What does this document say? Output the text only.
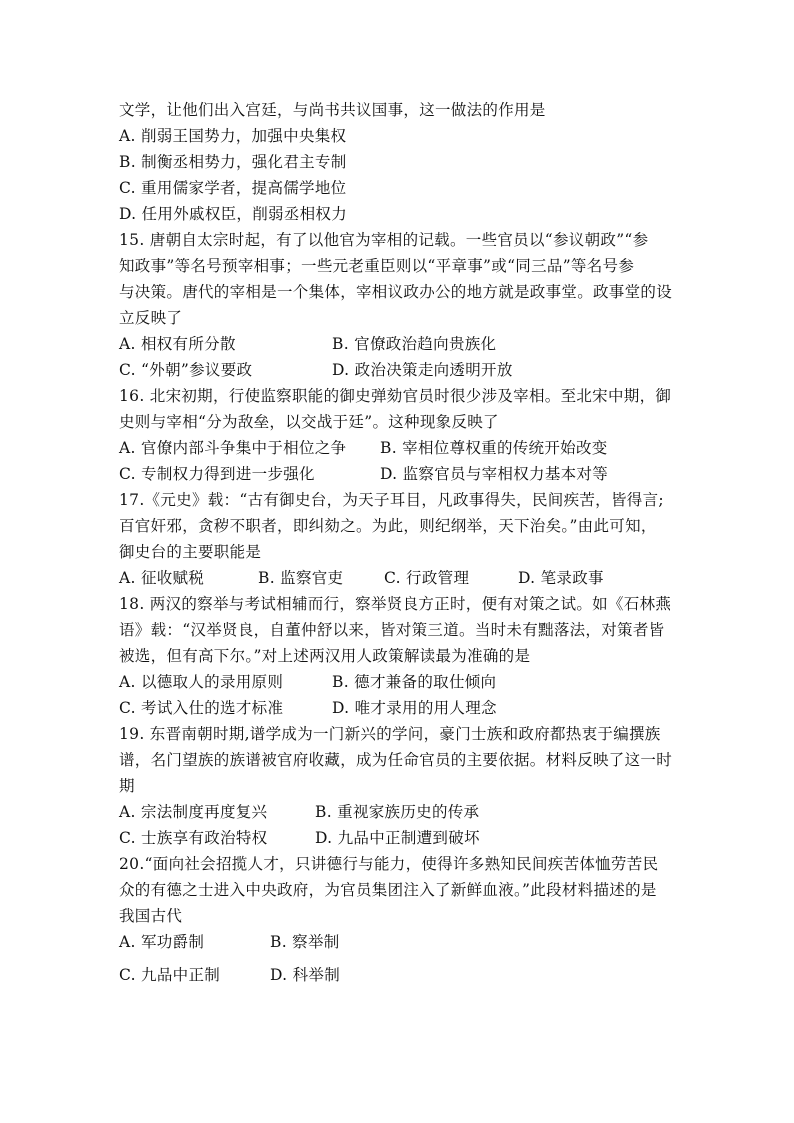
文学，让他们出入宫廷，与尚书共议国事，这一做法的作用是
A. 削弱王国势力，加强中央集权
B. 制衡丞相势力，强化君主专制
C. 重用儒家学者，提高儒学地位
D. 任用外戚权臣，削弱丞相权力
15. 唐朝自太宗时起，有了以他官为宰相的记载。一些官员以“参议朝政”“参
知政事”等名号预宰相事；一些元老重臣则以“平章事”或“同三品”等名号参
与决策。唐代的宰相是一个集体，宰相议政办公的地方就是政事堂。政事堂的设
立反映了
A. 相权有所分散	B. 官僚政治趋向贵族化
C. “外朝”参议要政	D. 政治决策走向透明开放
16. 北宋初期，行使监察职能的御史弹劾官员时很少涉及宰相。至北宋中期，御
史则与宰相“分为敌垒，以交战于廷”。这种现象反映了
A. 官僚内部斗争集中于相位之争 B. 宰相位尊权重的传统开始改变
C. 专制权力得到进一步强化	D. 监察官员与宰相权力基本对等
17.《元史》载：“古有御史台，为天子耳目，凡政事得失，民间疾苦，皆得言;
百官奸邪，贪秽不职者，即纠劾之。为此，则纪纲举，天下治矣。”由此可知，
御史台的主要职能是
A. 征收赋税	B. 监察官吏	C. 行政管理	D. 笔录政事
18. 两汉的察举与考试相辅而行，察举贤良方正时，便有对策之试。如《石林燕
语》载：“汉举贤良，自董仲舒以来，皆对策三道。当时未有黜落法，对策者皆
被选，但有高下尔。”对上述两汉用人政策解读最为准确的是
A. 以德取人的录用原则	B. 德才兼备的取仕倾向
C. 考试入仕的选才标准	D. 唯才录用的用人理念
19. 东晋南朝时期,谱学成为一门新兴的学问，豪门士族和政府都热衷于编撰族
谱，名门望族的族谱被官府收藏，成为任命官员的主要依据。材料反映了这一时
期
A. 宗法制度再度复兴	B. 重视家族历史的传承
C. 士族享有政治特权	D. 九品中正制遭到破坏
20.“面向社会招揽人才，只讲德行与能力，使得许多熟知民间疾苦体恤劳苦民
众的有德之士进入中央政府，为官员集团注入了新鲜血液。”此段材料描述的是
我国古代
A. 军功爵制	B. 察举制
C. 九品中正制	D. 科举制
